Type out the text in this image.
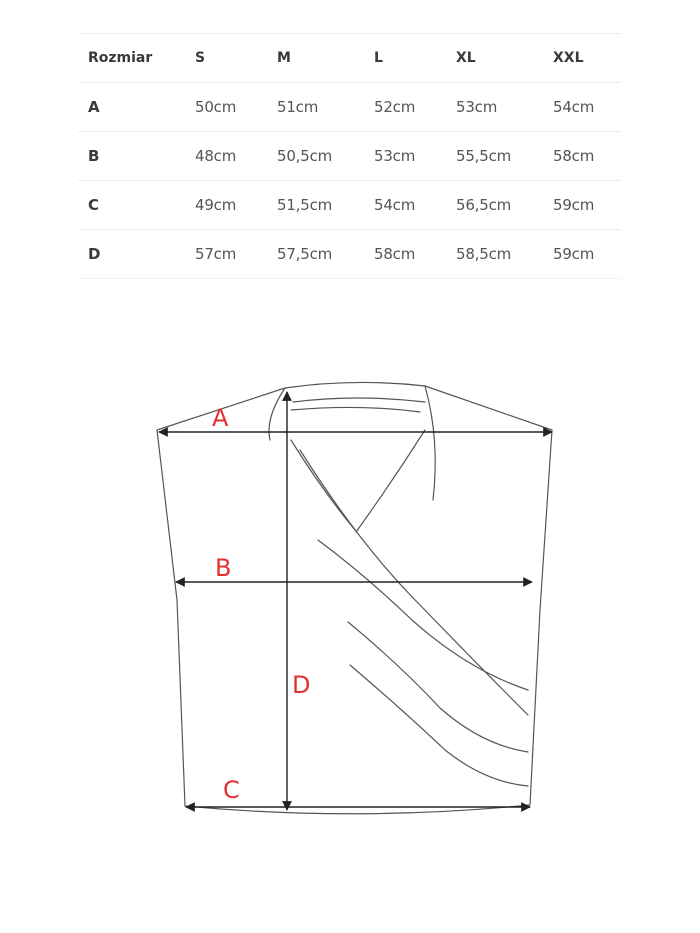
Rozmiar	S	M	L	XL	XXL
A	50cm	51cm	52cm	53cm	54cm
B	48cm	50,5cm	53cm	55,5cm	58cm
C	49cm	51,5cm	54cm	56,5cm	59cm
D	57cm	57,5cm	58cm	58,5cm	59cm
A
B
C
D
